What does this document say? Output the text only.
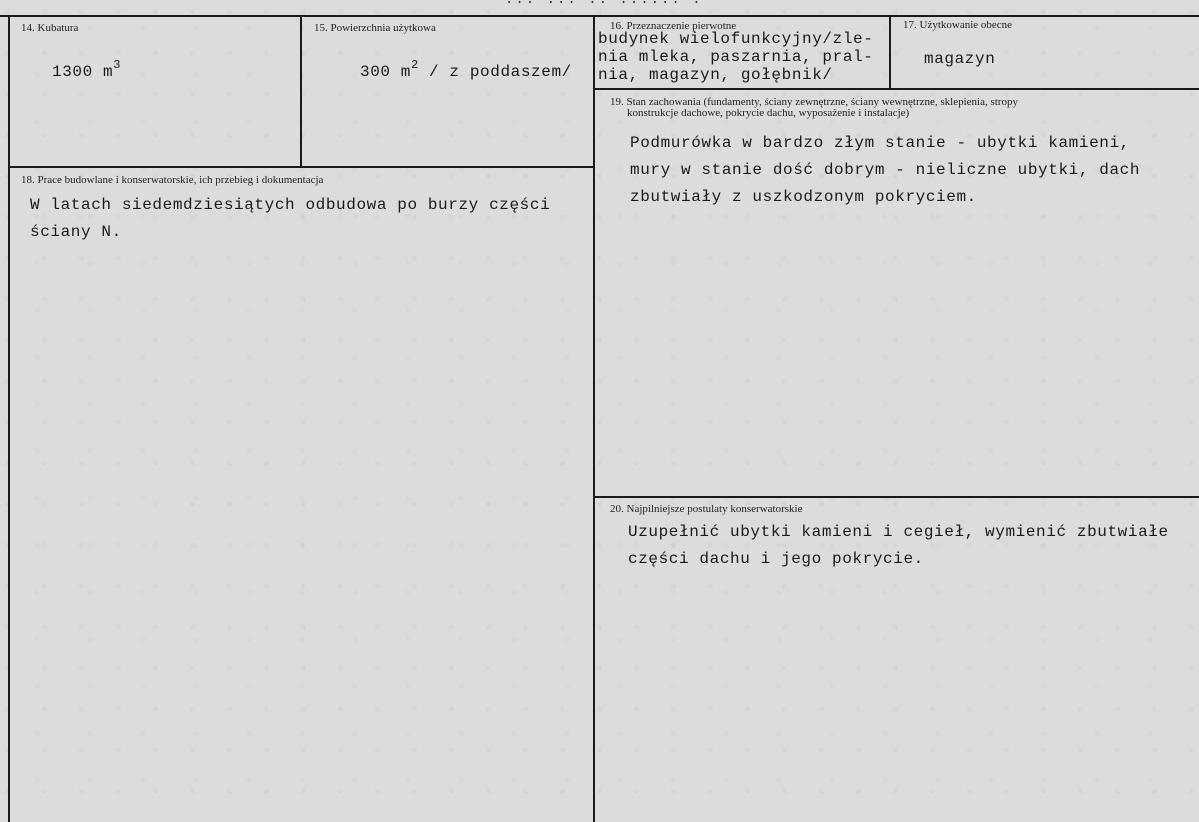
... ... .. ...... .
14. Kubatura
1300 $m^3$
15. Powierzchnia użytkowa
300 $m^2$ / z poddaszem/
16. Przeznaczenie pierwotne
budynek wielofunkcyjny/zle-
nia mleka, paszarnia, pral-
nia, magazyn, gołębnik/
17. Użytkowanie obecne
magazyn
18. Prace budowlane i konserwatorskie, ich przebieg i dokumentacja
W latach siedemdziesiątych odbudowa po burzy części
ściany N.
19. Stan zachowania (fundamenty, ściany zewnętrzne, ściany wewnętrzne, sklepienia, stropy
konstrukcje dachowe, pokrycie dachu, wyposażenie i instalacje)
Podmurówka w bardzo złym stanie - ubytki kamieni,
mury w stanie dość dobrym - nieliczne ubytki, dach
zbutwiały z uszkodzonym pokryciem.
20. Najpilniejsze postulaty konserwatorskie
Uzupełnić ubytki kamieni i cegieł, wymienić zbutwiałe
części dachu i jego pokrycie.
